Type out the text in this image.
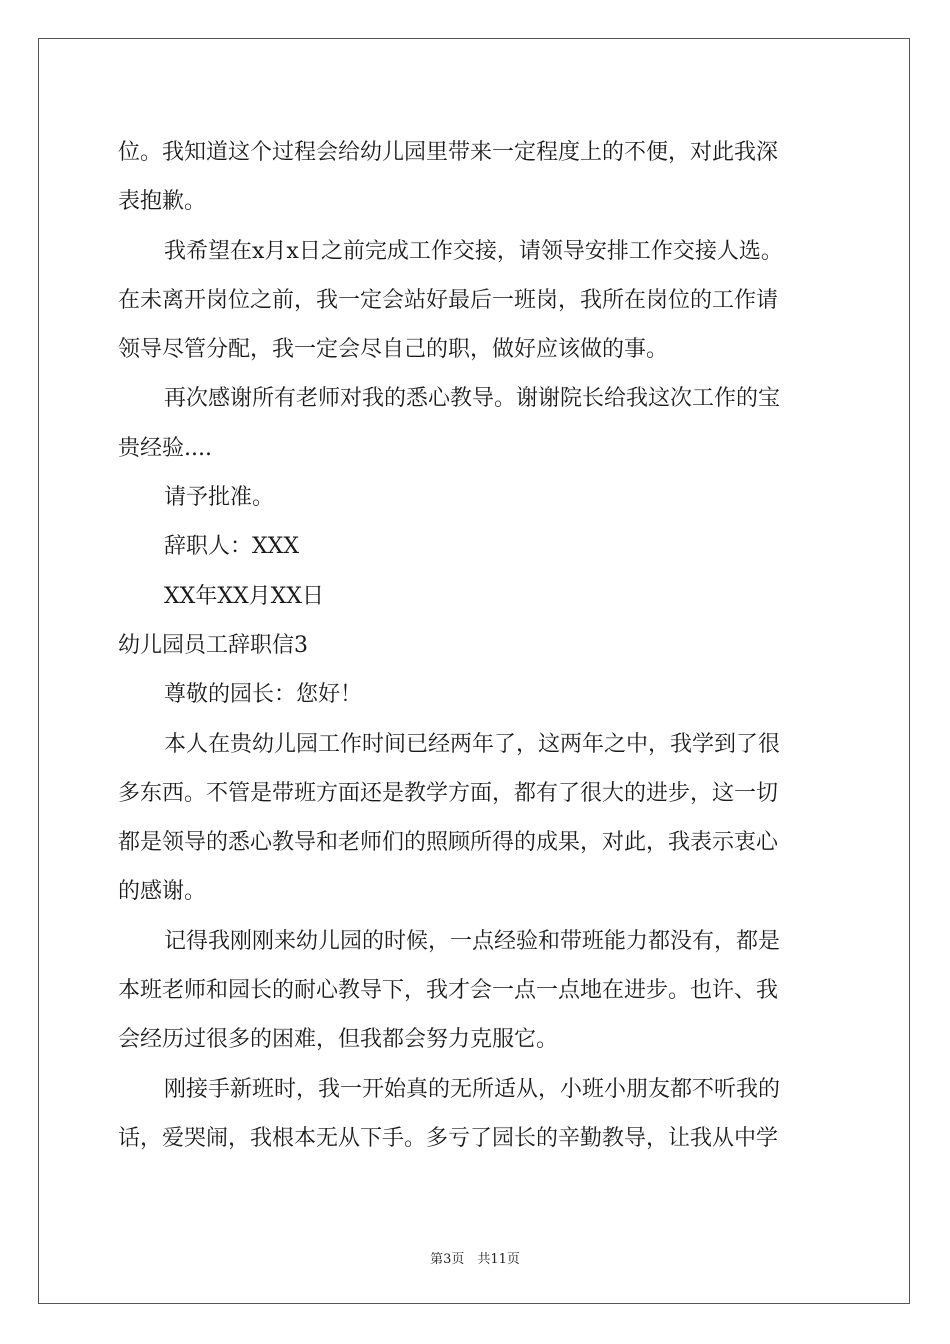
位。我知道这个过程会给幼儿园里带来一定程度上的不便，对此我深
表抱歉。
我希望在x月x日之前完成工作交接，请领导安排工作交接人选。
在未离开岗位之前，我一定会站好最后一班岗，我所在岗位的工作请
领导尽管分配，我一定会尽自己的职，做好应该做的事。
再次感谢所有老师对我的悉心教导。谢谢院长给我这次工作的宝
贵经验....
请予批准。
辞职人：XXX
XX年XX月XX日
幼儿园员工辞职信3
尊敬的园长：您好！
本人在贵幼儿园工作时间已经两年了，这两年之中，我学到了很
多东西。不管是带班方面还是教学方面，都有了很大的进步，这一切
都是领导的悉心教导和老师们的照顾所得的成果，对此，我表示衷心
的感谢。
记得我刚刚来幼儿园的时候，一点经验和带班能力都没有，都是
本班老师和园长的耐心教导下，我才会一点一点地在进步。也许、我
会经历过很多的困难，但我都会努力克服它。
刚接手新班时，我一开始真的无所适从，小班小朋友都不听我的
话，爱哭闹，我根本无从下手。多亏了园长的辛勤教导，让我从中学
第3页　共11页
